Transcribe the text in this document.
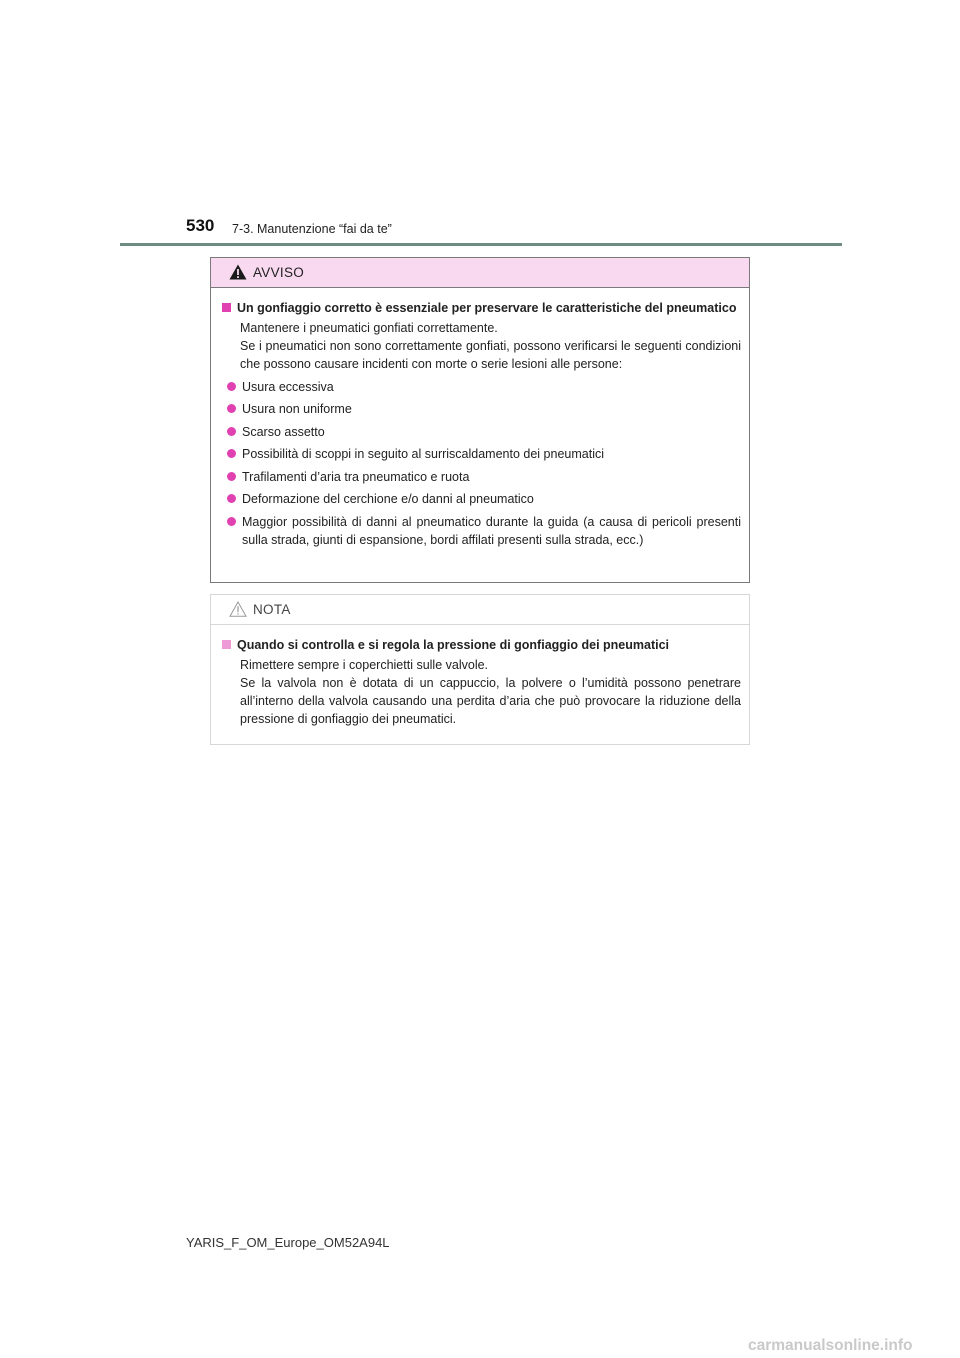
530 7-3. Manutenzione “fai da te”
AVVISO
Un gonfiaggio corretto è essenziale per preservare le caratteristiche del pneumatico
Mantenere i pneumatici gonfiati correttamente.
Se i pneumatici non sono correttamente gonfiati, possono verificarsi le seguenti condizioni che possono causare incidenti con morte o serie lesioni alle persone:
Usura eccessiva
Usura non uniforme
Scarso assetto
Possibilità di scoppi in seguito al surriscaldamento dei pneumatici
Trafilamenti d’aria tra pneumatico e ruota
Deformazione del cerchione e/o danni al pneumatico
Maggior possibilità di danni al pneumatico durante la guida (a causa di pericoli presenti sulla strada, giunti di espansione, bordi affilati presenti sulla strada, ecc.)
NOTA
Quando si controlla e si regola la pressione di gonfiaggio dei pneumatici
Rimettere sempre i coperchietti sulle valvole.
Se la valvola non è dotata di un cappuccio, la polvere o l’umidità possono penetrare all’interno della valvola causando una perdita d’aria che può provocare la riduzione della pressione di gonfiaggio dei pneumatici.
YARIS_F_OM_Europe_OM52A94L
carmanualsonline.info
